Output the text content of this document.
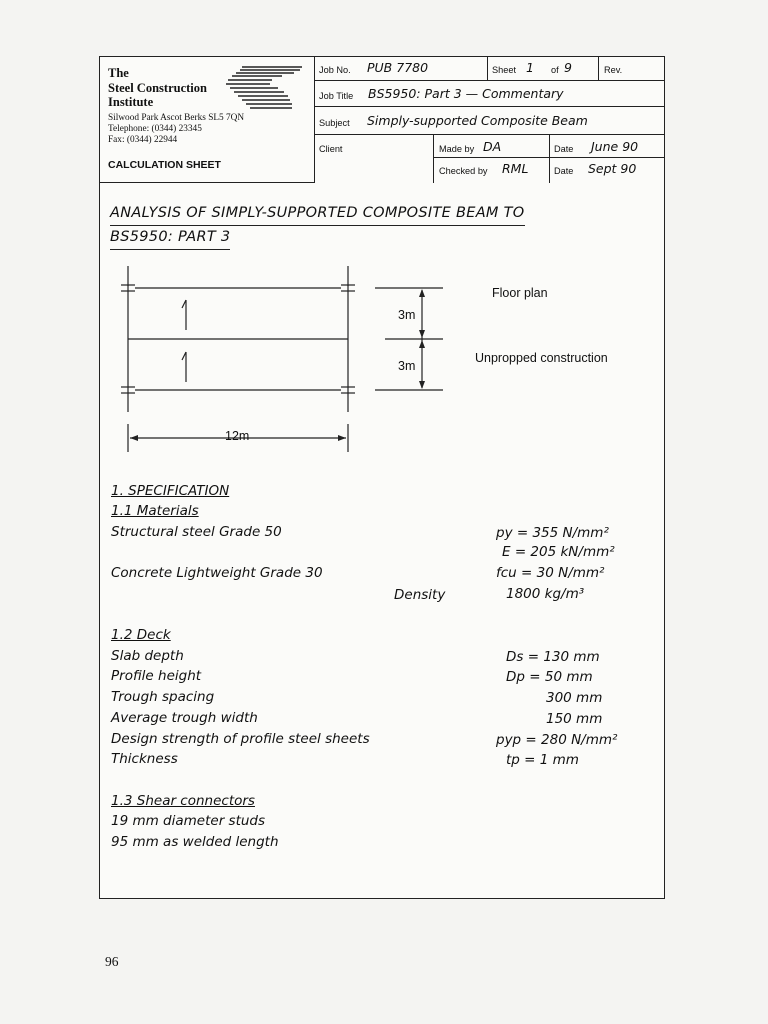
The
Steel Construction
Institute
Silwood Park Ascot Berks SL5 7QN
Telephone: (0344) 23345
Fax: (0344) 22944
CALCULATION SHEET
Job No. PUB 7780	Sheet 1 of 9	Rev.
Job Title BS5950: Part 3 — Commentary
Subject Simply-supported Composite Beam
Client	Made by DA	Date June 90
Checked by RML	Date Sept 90
ANALYSIS OF SIMPLY-SUPPORTED COMPOSITE BEAM TO
BS5950: PART 3
3m
3m
12m
Floor plan
Unpropped construction
1. SPECIFICATION
1.1 Materials
Structural steel Grade 50	py = 355 N/mm²
E = 205 kN/mm²
Concrete Lightweight Grade 30	fcu = 30 N/mm²
Density	1800 kg/m³
1.2 Deck
Slab depth	Ds = 130 mm
Profile height	Dp = 50 mm
Trough spacing	300 mm
Average trough width	150 mm
Design strength of profile steel sheets	pyp = 280 N/mm²
Thickness	tp = 1 mm
1.3 Shear connectors
19 mm diameter studs
95 mm as welded length
96
